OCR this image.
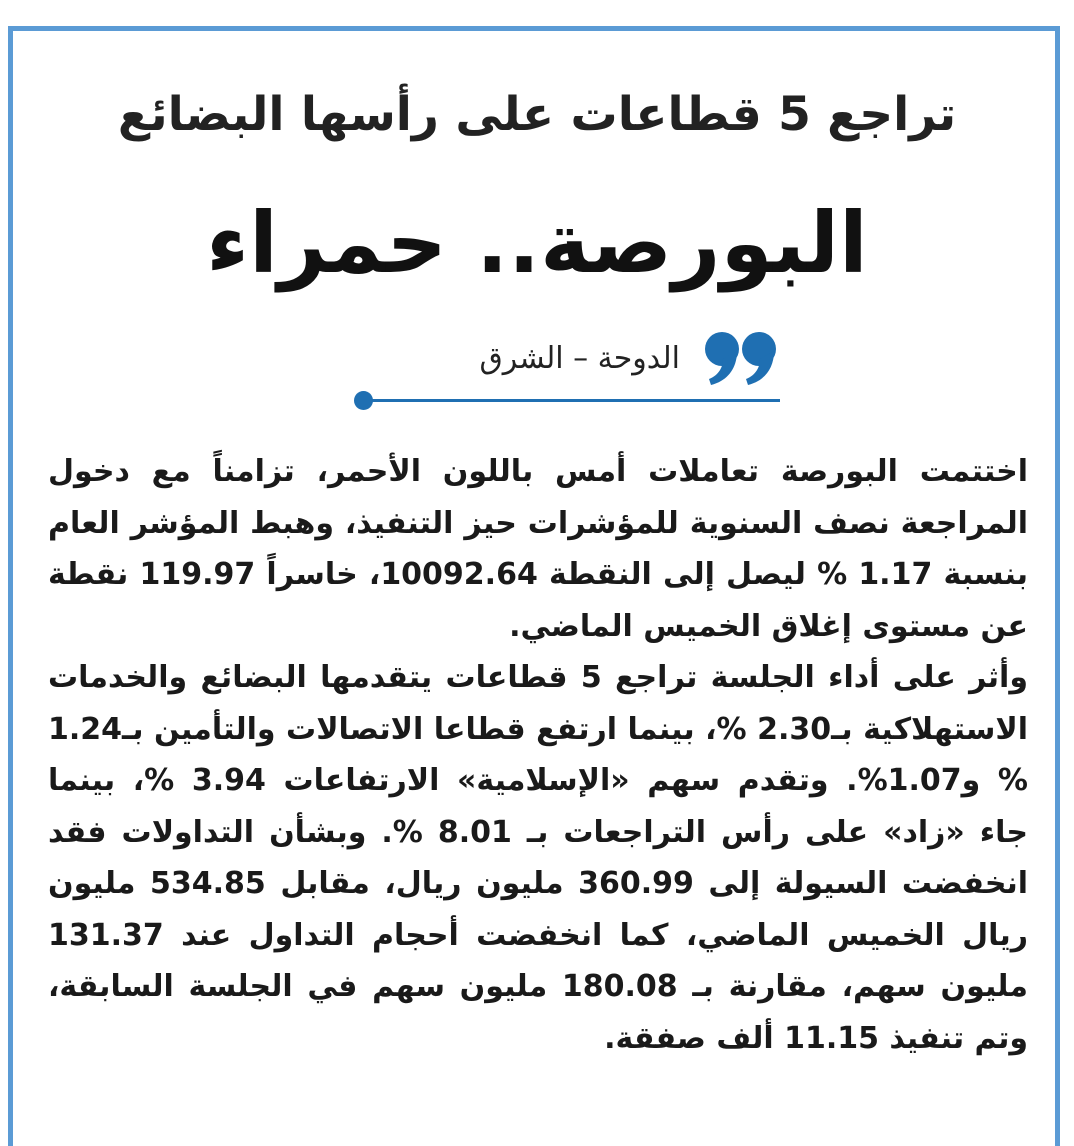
تراجع 5 قطاعات على رأسها البضائع
البورصة.. حمراء
الدوحة – الشرق

اختتمت البورصة تعاملات أمس باللون الأحمر، تزامناً مع دخول المراجعة نصف السنوية للمؤشرات حيز التنفيذ، وهبط المؤشر العام بنسبة 1.17 % ليصل إلى النقطة 10092.64، خاسراً 119.97 نقطة عن مستوى إغلاق الخميس الماضي.

وأثر على أداء الجلسة تراجع 5 قطاعات يتقدمها البضائع والخدمات الاستهلاكية بـ2.30 %، بينما ارتفع قطاعا الاتصالات والتأمين بـ1.24 % و1.07%. وتقدم سهم «الإسلامية» الارتفاعات 3.94 %، بينما جاء «زاد» على رأس التراجعات بـ 8.01 %. وبشأن التداولات فقد انخفضت السيولة إلى 360.99 مليون ريال، مقابل 534.85 مليون ريال الخميس الماضي، كما انخفضت أحجام التداول عند 131.37 مليون سهم، مقارنة بـ 180.08 مليون سهم في الجلسة السابقة، وتم تنفيذ 11.15 ألف صفقة.
